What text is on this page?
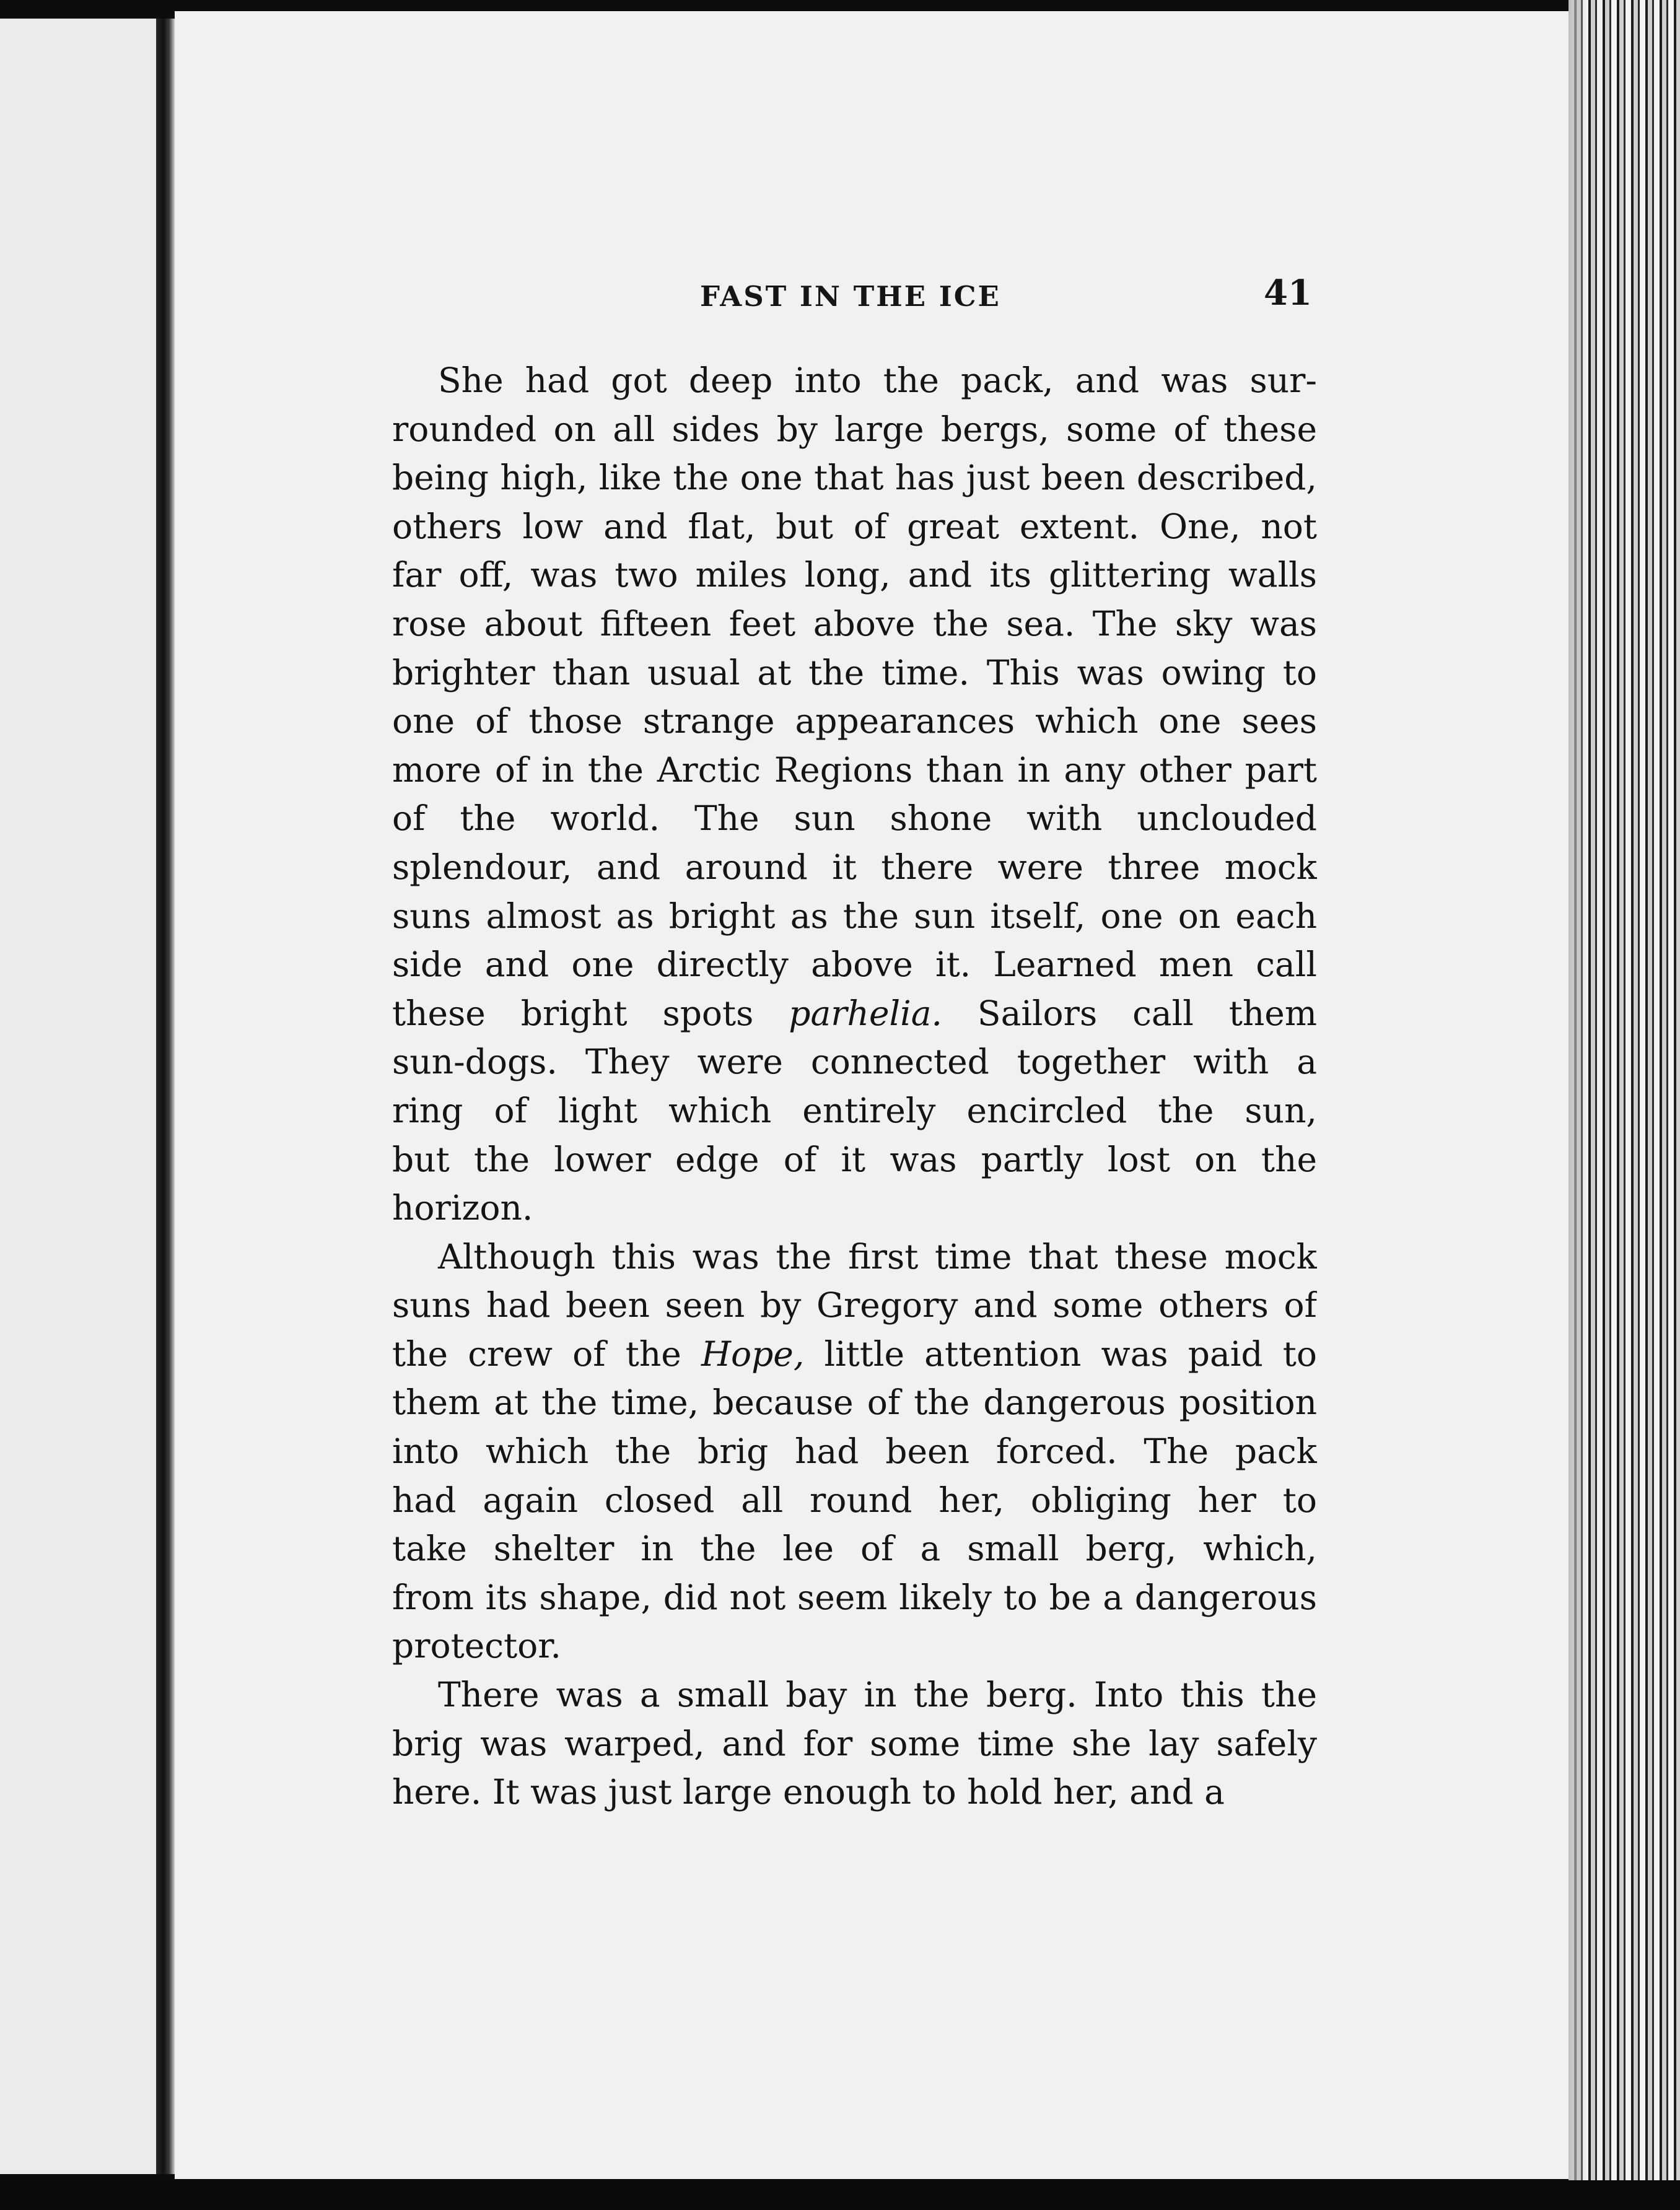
FAST IN THE ICE	41
She had got deep into the pack, and was sur-
rounded on all sides by large bergs, some of these
being high, like the one that has just been described,
others low and flat, but of great extent. One, not
far off, was two miles long, and its glittering walls
rose about fifteen feet above the sea. The sky was
brighter than usual at the time. This was owing to
one of those strange appearances which one sees
more of in the Arctic Regions than in any other part
of the world. The sun shone with unclouded
splendour, and around it there were three mock
suns almost as bright as the sun itself, one on each
side and one directly above it. Learned men call
these bright spots parhelia. Sailors call them
sun-dogs. They were connected together with a
ring of light which entirely encircled the sun,
but the lower edge of it was partly lost on the
horizon.
Although this was the first time that these mock
suns had been seen by Gregory and some others of
the crew of the Hope, little attention was paid to
them at the time, because of the dangerous position
into which the brig had been forced. The pack
had again closed all round her, obliging her to
take shelter in the lee of a small berg, which,
from its shape, did not seem likely to be a dangerous
protector.
There was a small bay in the berg. Into this the
brig was warped, and for some time she lay safely
here. It was just large enough to hold her, and a
